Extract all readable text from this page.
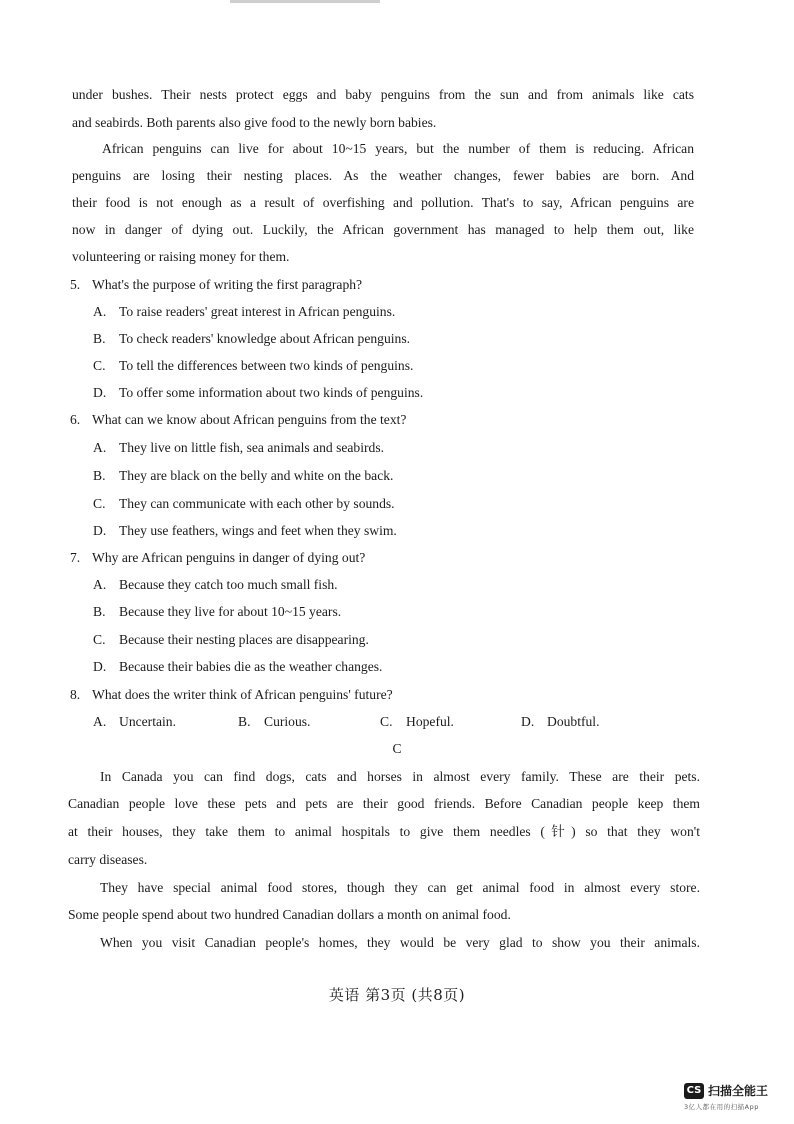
under bushes. Their nests protect eggs and baby penguins from the sun and from animals like cats
and seabirds. Both parents also give food to the newly born babies.
African penguins can live for about 10~15 years, but the number of them is reducing. African
penguins are losing their nesting places. As the weather changes, fewer babies are born. And
their food is not enough as a result of overfishing and pollution. That's to say, African penguins are
now in danger of dying out. Luckily, the African government has managed to help them out, like
volunteering or raising money for them.
5. What's the purpose of writing the first paragraph?
A. To raise readers' great interest in African penguins.
B. To check readers' knowledge about African penguins.
C. To tell the differences between two kinds of penguins.
D. To offer some information about two kinds of penguins.
6. What can we know about African penguins from the text?
A. They live on little fish, sea animals and seabirds.
B. They are black on the belly and white on the back.
C. They can communicate with each other by sounds.
D. They use feathers, wings and feet when they swim.
7. Why are African penguins in danger of dying out?
A. Because they catch too much small fish.
B. Because they live for about 10~15 years.
C. Because their nesting places are disappearing.
D. Because their babies die as the weather changes.
8. What does the writer think of African penguins' future?
A. Uncertain.	B. Curious.	C. Hopeful.	D. Doubtful.
C
In Canada you can find dogs, cats and horses in almost every family. These are their pets.
Canadian people love these pets and pets are their good friends. Before Canadian people keep them
at their houses, they take them to animal hospitals to give them needles (针) so that they won't
carry diseases.
They have special animal food stores, though they can get animal food in almost every store.
Some people spend about two hundred Canadian dollars a month on animal food.
When you visit Canadian people's homes, they would be very glad to show you their animals.
英语 第3页 (共8页)
CS 扫描全能王
3亿人都在用的扫描App
